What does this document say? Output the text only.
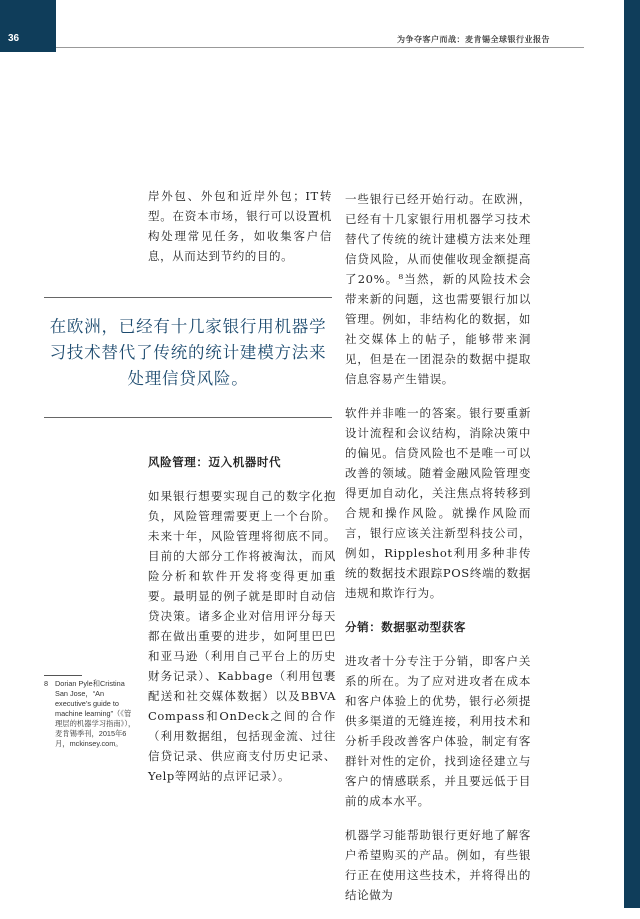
36	为争夺客户而战：麦肯锡全球银行业报告

岸外包、外包和近岸外包；IT转型。在资本市场，银行可以设置机构处理常见任务，如收集客户信息，从而达到节约的目的。

在欧洲，已经有十几家银行用机器学习技术替代了传统的统计建模方法来处理信贷风险。

风险管理：迈入机器时代

如果银行想要实现自己的数字化抱负，风险管理需要更上一个台阶。未来十年，风险管理将彻底不同。目前的大部分工作将被淘汰，而风险分析和软件开发将变得更加重要。最明显的例子就是即时自动信贷决策。诸多企业对信用评分每天都在做出重要的进步，如阿里巴巴和亚马逊（利用自己平台上的历史财务记录）、Kabbage（利用包裹配送和社交媒体数据）以及BBVA Compass和OnDeck之间的合作（利用数据组，包括现金流、过往信贷记录、供应商支付历史记录、Yelp等网站的点评记录）。

一些银行已经开始行动。在欧洲，已经有十几家银行用机器学习技术替代了传统的统计建模方法来处理信贷风险，从而使催收现金额提高了20%。⁸当然，新的风险技术会带来新的问题，这也需要银行加以管理。例如，非结构化的数据，如社交媒体上的帖子，能够带来洞见，但是在一团混杂的数据中提取信息容易产生错误。

软件并非唯一的答案。银行要重新设计流程和会议结构，消除决策中的偏见。信贷风险也不是唯一可以改善的领域。随着金融风险管理变得更加自动化，关注焦点将转移到合规和操作风险。就操作风险而言，银行应该关注新型科技公司，例如，Rippleshot利用多种非传统的数据技术跟踪POS终端的数据违规和欺诈行为。

分销：数据驱动型获客

进攻者十分专注于分销，即客户关系的所在。为了应对进攻者在成本和客户体验上的优势，银行必须提供多渠道的无缝连接，利用技术和分析手段改善客户体验，制定有客群针对性的定价，找到途径建立与客户的情感联系，并且要远低于目前的成本水平。

机器学习能帮助银行更好地了解客户希望购买的产品。例如，有些银行正在使用这些技术，并将得出的结论做为

8 Dorian Pyle和Cristina San Jose，“An executive’s guide to machine learning”（《管理层的机器学习指南》），麦肯锡季刊，2015年6月，mckinsey.com。
